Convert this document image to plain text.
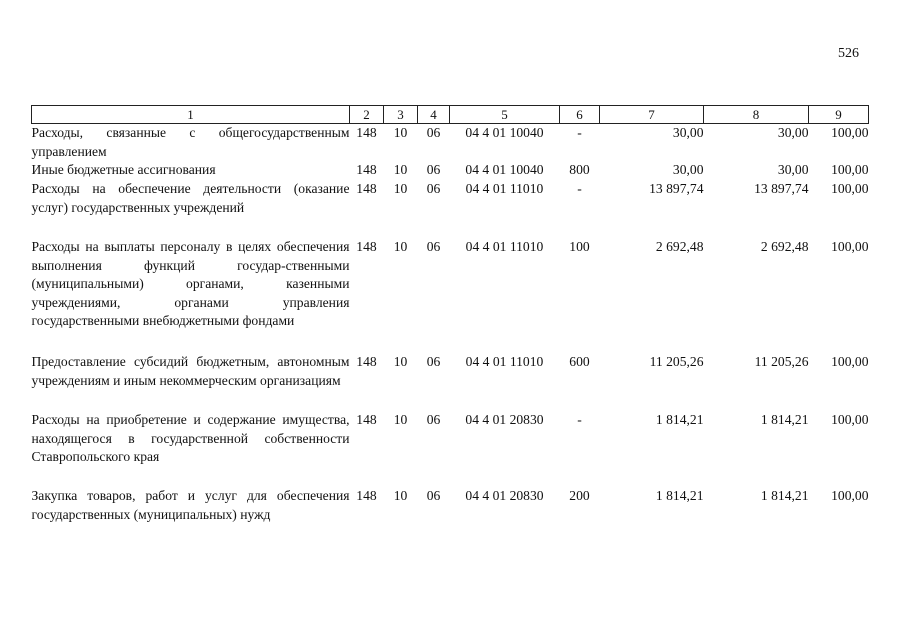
526
1	2	3	4	5	6	7	8	9
Расходы, связанные с общегосударственным управлением	148	10	06	04 4 01 10040	-	30,00	30,00	100,00
Иные бюджетные ассигнования	148	10	06	04 4 01 10040	800	30,00	30,00	100,00
Расходы на обеспечение деятельности (оказание услуг) государственных учреждений	148	10	06	04 4 01 11010	-	13 897,74	13 897,74	100,00
Расходы на выплаты персоналу в целях обеспечения выполнения функций государ-ственными (муниципальными) органами, казенными учреждениями, органами управления государственными внебюджетными фондами	148	10	06	04 4 01 11010	100	2 692,48	2 692,48	100,00
Предоставление субсидий бюджетным, автономным учреждениям и иным некоммерческим организациям	148	10	06	04 4 01 11010	600	11 205,26	11 205,26	100,00
Расходы на приобретение и содержание имущества, находящегося в государственной собственности Ставропольского края	148	10	06	04 4 01 20830	-	1 814,21	1 814,21	100,00
Закупка товаров, работ и услуг для обеспечения государственных (муниципальных) нужд	148	10	06	04 4 01 20830	200	1 814,21	1 814,21	100,00
